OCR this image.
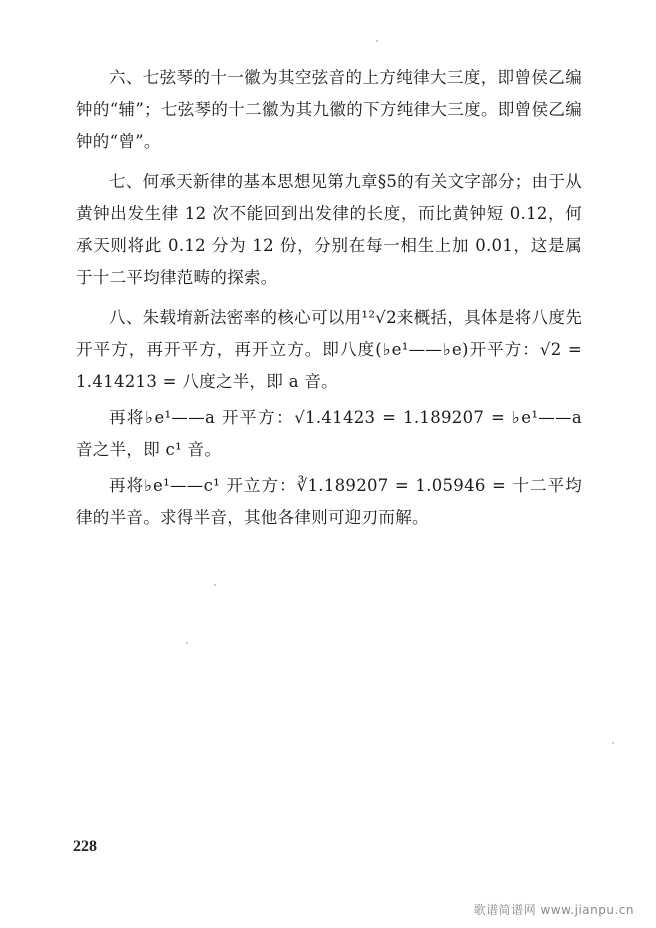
六、七弦琴的十一徽为其空弦音的上方纯律大三度，即曾侯乙编钟的“辅”；七弦琴的十二徽为其九徽的下方纯律大三度。即曾侯乙编钟的“曾”。

七、何承天新律的基本思想见第九章§5的有关文字部分；由于从黄钟出发生律 12 次不能回到出发律的长度，而比黄钟短 0.12，何承天则将此 0.12 分为 12 份，分别在每一相生上加 0.01，这是属于十二平均律范畴的探索。

八、朱载堉新法密率的核心可以用¹²√2来概括，具体是将八度先开平方，再开平方，再开立方。即八度(♭e¹——♭e)开平方：√2 = 1.414213 = 八度之半，即 a 音。

再将♭e¹——a 开平方：√1.41423 = 1.189207 = ♭e¹——a 音之半，即 c¹ 音。

再将♭e¹——c¹ 开立方：∛1.189207 = 1.05946 = 十二平均律的半音。求得半音，其他各律则可迎刃而解。

228
歌谱简谱网 www.jianpu.cn
